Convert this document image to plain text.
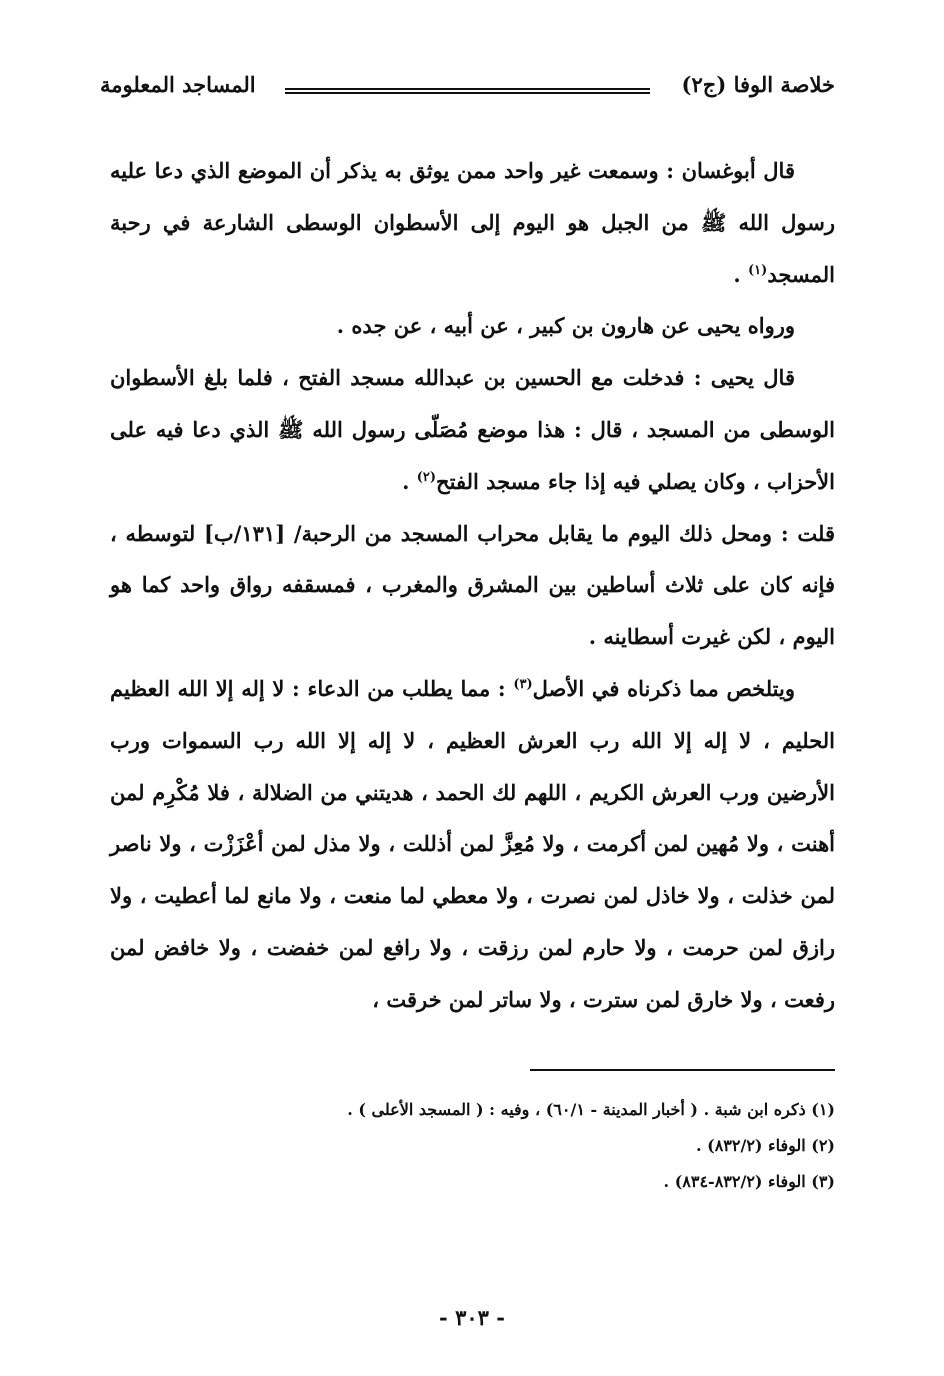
خلاصة الوفا (ج٢)
المساجد المعلومة

قال أبوغسان : وسمعت غير واحد ممن يوثق به يذكر أن الموضع الذي دعا عليه رسول الله ﷺ من الجبل هو اليوم إلى الأسطوان الوسطى الشارعة في رحبة المسجد$^{(١)}$ .

ورواه يحيى عن هارون بن كبير ، عن أبيه ، عن جده .

قال يحيى : فدخلت مع الحسين بن عبدالله مسجد الفتح ، فلما بلغ الأسطوان الوسطى من المسجد ، قال : هذا موضع مُصَلّى رسول الله ﷺ الذي دعا فيه على الأحزاب ، وكان يصلي فيه إذا جاء مسجد الفتح$^{(٢)}$ .

قلت : ومحل ذلك اليوم ما يقابل محراب المسجد من الرحبة/ [١٣١/ب] لتوسطه ، فإنه كان على ثلاث أساطين بين المشرق والمغرب ، فمسقفه رواق واحد كما هو اليوم ، لكن غيرت أسطاينه .

ويتلخص مما ذكرناه في الأصل$^{(٣)}$ : مما يطلب من الدعاء : لا إله إلا الله العظيم الحليم ، لا إله إلا الله رب العرش العظيم ، لا إله إلا الله رب السموات ورب الأرضين ورب العرش الكريم ، اللهم لك الحمد ، هديتني من الضلالة ، فلا مُكْرِم لمن أهنت ، ولا مُهين لمن أكرمت ، ولا مُعِزَّ لمن أذللت ، ولا مذل لمن أعْزَزْت ، ولا ناصر لمن خذلت ، ولا خاذل لمن نصرت ، ولا معطي لما منعت ، ولا مانع لما أعطيت ، ولا رازق لمن حرمت ، ولا حارم لمن رزقت ، ولا رافع لمن خفضت ، ولا خافض لمن رفعت ، ولا خارق لمن سترت ، ولا ساتر لمن خرقت ،

(١) ذكره ابن شبة . ( أخبار المدينة - ٦٠/١) ، وفيه : ( المسجد الأعلى ) .

(٢) الوفاء (٨٣٢/٢) .

(٣) الوفاء (٨٣٢/٢-٨٣٤) .

- ٣٠٣ -
